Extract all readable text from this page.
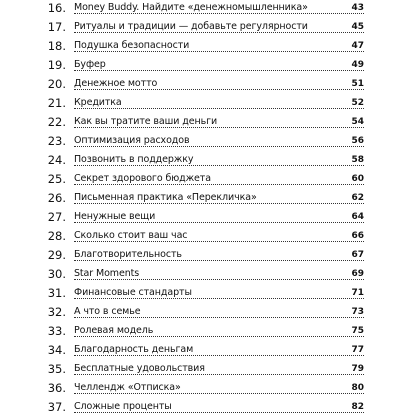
16. Money Buddy. Найдите «денежномышленника»	43
17. Ритуалы и традиции — добавьте регулярности	45
18. Подушка безопасности	47
19. Буфер	49
20. Денежное мотто	51
21. Кредитка	52
22. Как вы тратите ваши деньги	54
23. Оптимизация расходов	56
24. Позвонить в поддержку	58
25. Секрет здорового бюджета	60
26. Письменная практика «Перекличка»	62
27. Ненужные вещи	64
28. Сколько стоит ваш час	66
29. Благотворительность	67
30. Star Moments	69
31. Финансовые стандарты	71
32. А что в семье	73
33. Ролевая модель	75
34. Благодарность деньгам	77
35. Бесплатные удовольствия	79
36. Челлендж «Отписка»	80
37. Сложные проценты	82
